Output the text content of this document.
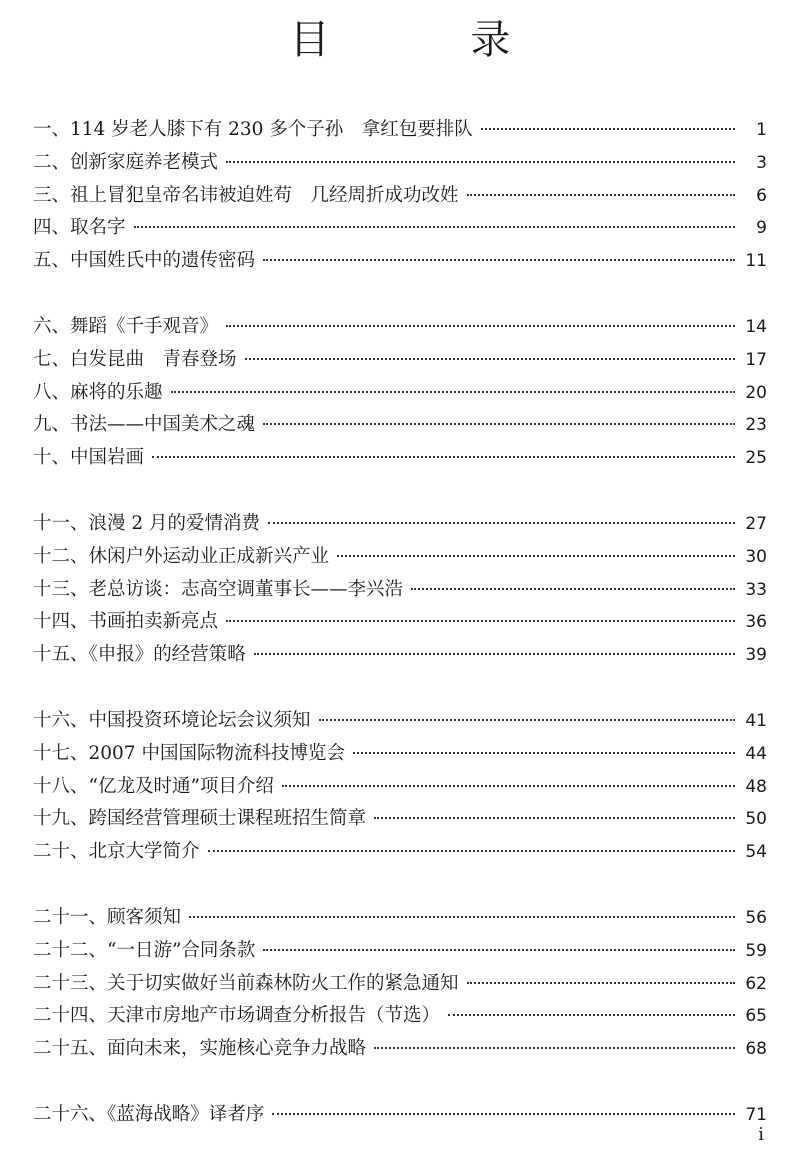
目 录
一、114 岁老人膝下有 230 多个子孙　拿红包要排队	1
二、创新家庭养老模式	3
三、祖上冒犯皇帝名讳被迫姓苟　几经周折成功改姓	6
四、取名字	9
五、中国姓氏中的遗传密码	11
六、舞蹈《千手观音》	14
七、白发昆曲　青春登场	17
八、麻将的乐趣	20
九、书法——中国美术之魂	23
十、中国岩画	25
十一、浪漫 2 月的爱情消费	27
十二、休闲户外运动业正成新兴产业	30
十三、老总访谈：志高空调董事长——李兴浩	33
十四、书画拍卖新亮点	36
十五、《申报》的经营策略	39
十六、中国投资环境论坛会议须知	41
十七、2007 中国国际物流科技博览会	44
十八、“亿龙及时通”项目介绍	48
十九、跨国经营管理硕士课程班招生简章	50
二十、北京大学简介	54
二十一、顾客须知	56
二十二、“一日游”合同条款	59
二十三、关于切实做好当前森林防火工作的紧急通知	62
二十四、天津市房地产市场调查分析报告（节选）	65
二十五、面向未来，实施核心竞争力战略	68
二十六、《蓝海战略》译者序	71
i
